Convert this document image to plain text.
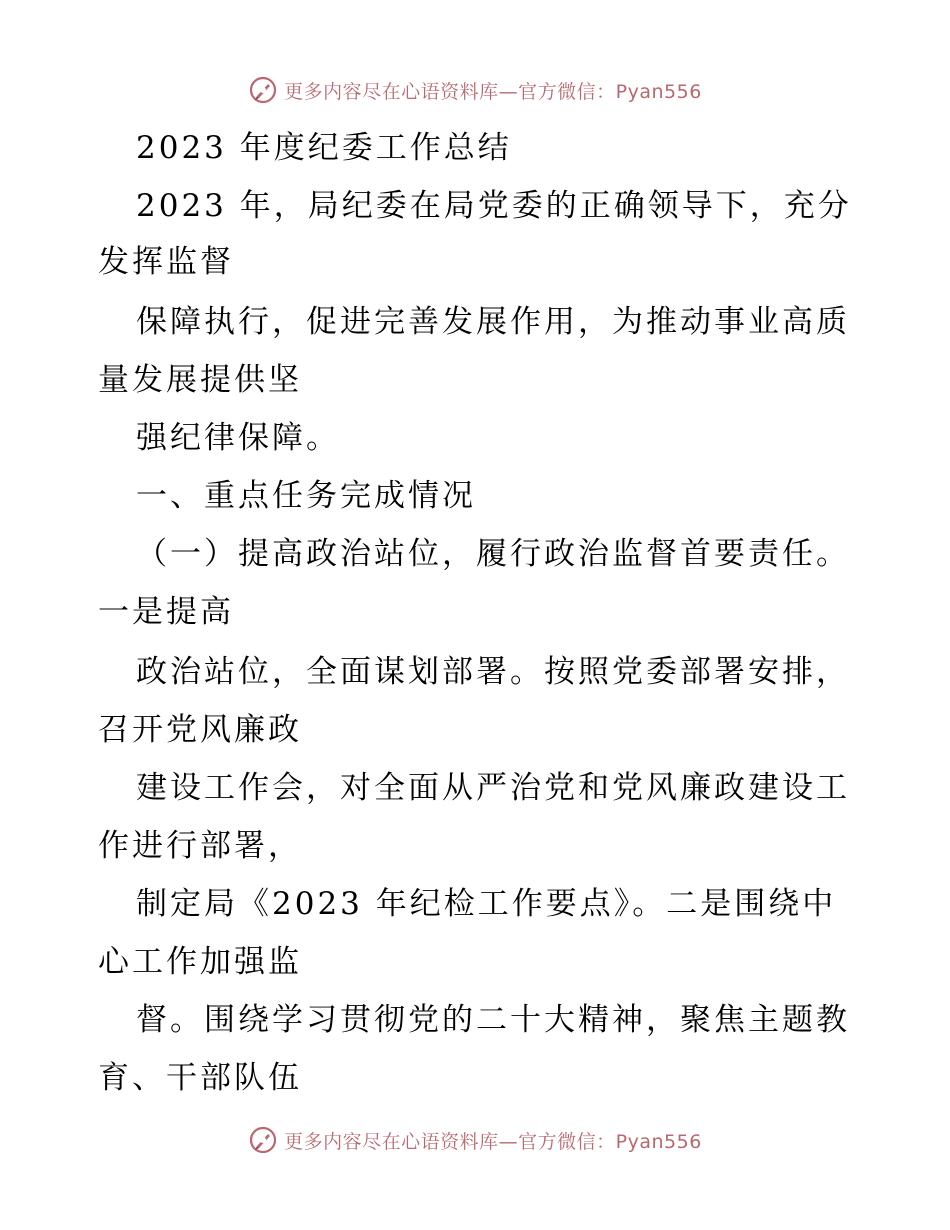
更多内容尽在心语资料库—官方微信：Pyan556
2023 年度纪委工作总结
2023 年，局纪委在局党委的正确领导下，充分
发挥监督
保障执行，促进完善发展作用，为推动事业高质
量发展提供坚
强纪律保障。
一、重点任务完成情况
（一）提高政治站位，履行政治监督首要责任。
一是提高
政治站位，全面谋划部署。按照党委部署安排，
召开党风廉政
建设工作会，对全面从严治党和党风廉政建设工
作进行部署，
制定局《2023 年纪检工作要点》。二是围绕中
心工作加强监
督。围绕学习贯彻党的二十大精神，聚焦主题教
育、干部队伍
更多内容尽在心语资料库—官方微信：Pyan556
